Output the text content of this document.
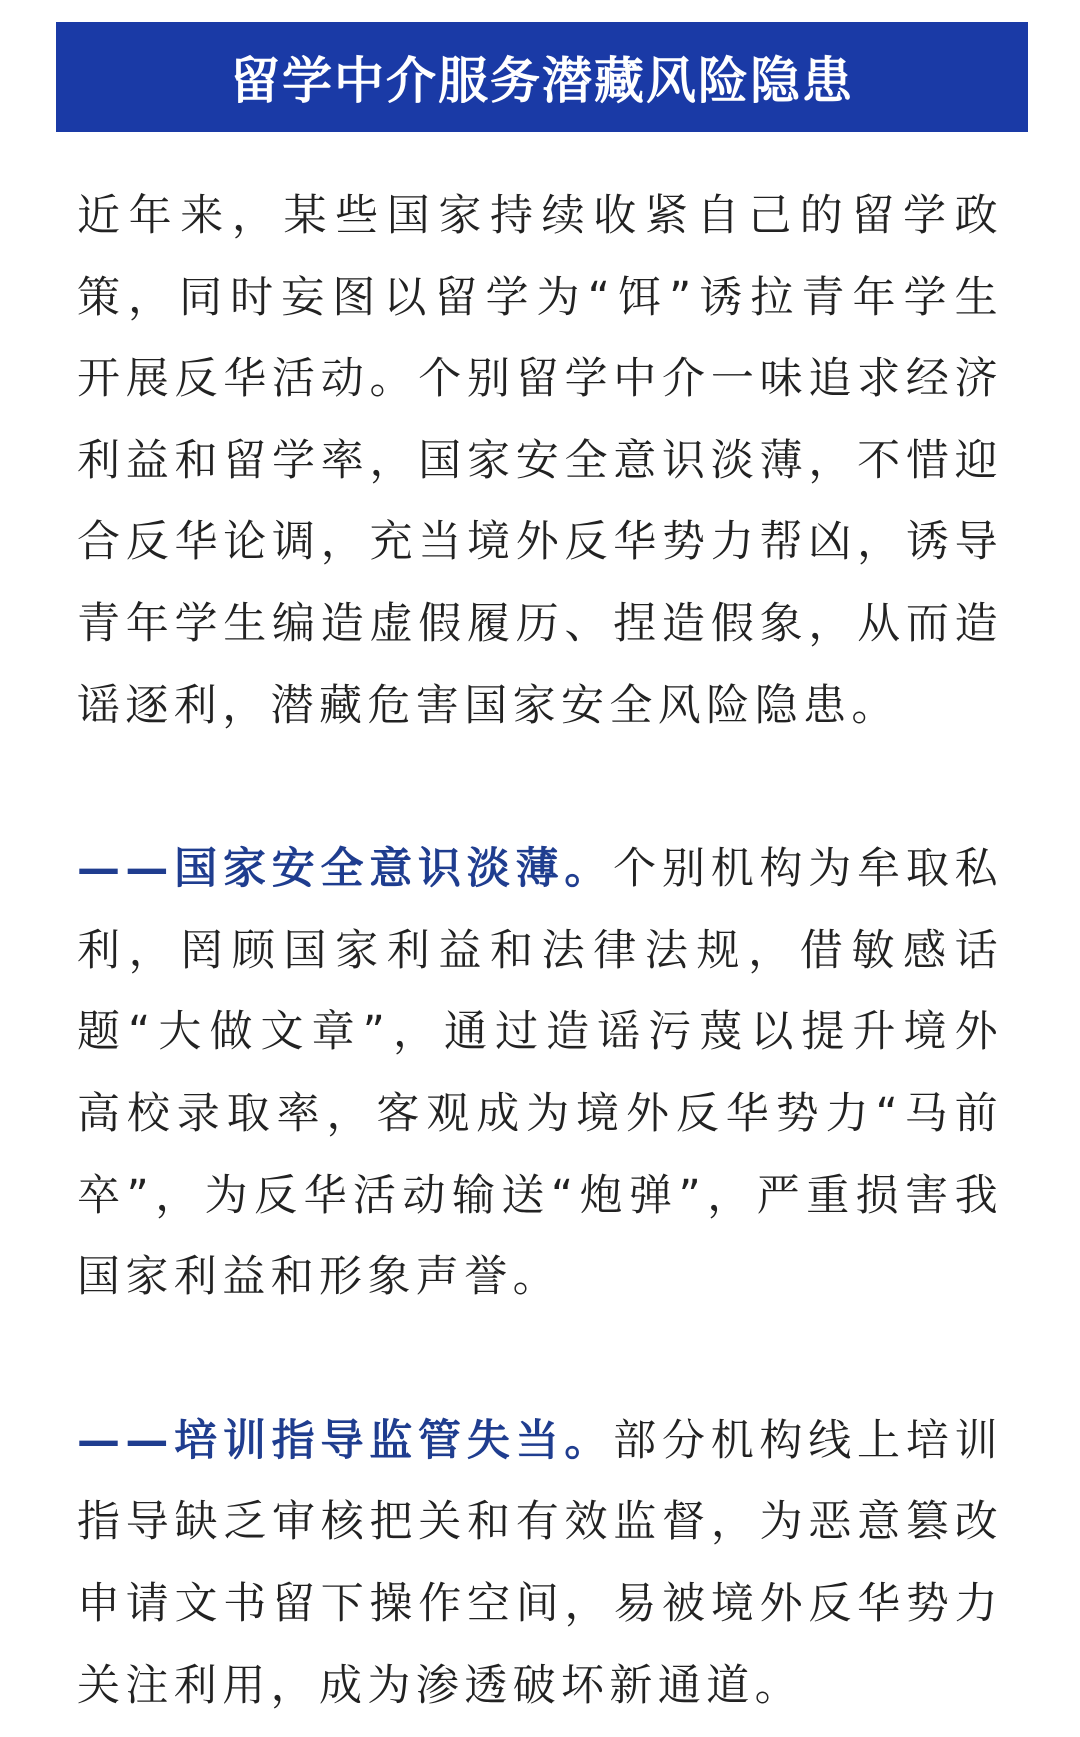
留学中介服务潜藏风险隐患

近年来，某些国家持续收紧自己的留学政策，同时妄图以留学为“饵”诱拉青年学生开展反华活动。个别留学中介一味追求经济利益和留学率，国家安全意识淡薄，不惜迎合反华论调，充当境外反华势力帮凶，诱导青年学生编造虚假履历、捏造假象，从而造谣逐利，潜藏危害国家安全风险隐患。

——国家安全意识淡薄。个别机构为牟取私利，罔顾国家利益和法律法规，借敏感话题“大做文章”，通过造谣污蔑以提升境外高校录取率，客观成为境外反华势力“马前卒”，为反华活动输送“炮弹”，严重损害我国家利益和形象声誉。

——培训指导监管失当。部分机构线上培训指导缺乏审核把关和有效监督，为恶意篡改申请文书留下操作空间，易被境外反华势力关注利用，成为渗透破坏新通道。
